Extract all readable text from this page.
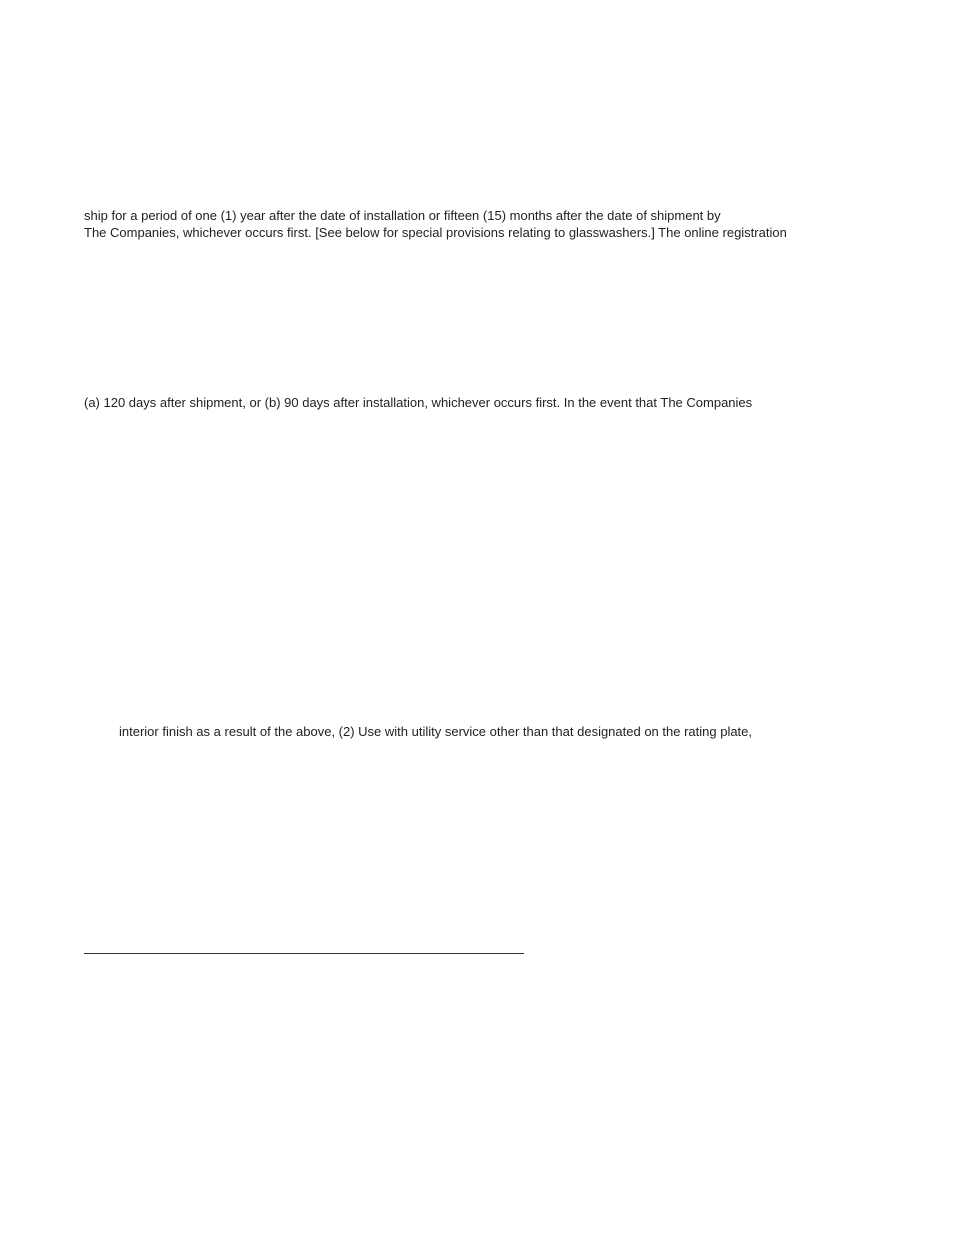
ship for a period of one (1) year after the date of installation or fifteen (15) months after the date of shipment by
The Companies, whichever occurs first. [See below for special provisions relating to glasswashers.] The online registration
(a) 120 days after shipment, or (b) 90 days after installation, whichever occurs first. In the event that The Companies
interior finish as a result of the above, (2) Use with utility service other than that designated on the rating plate,
